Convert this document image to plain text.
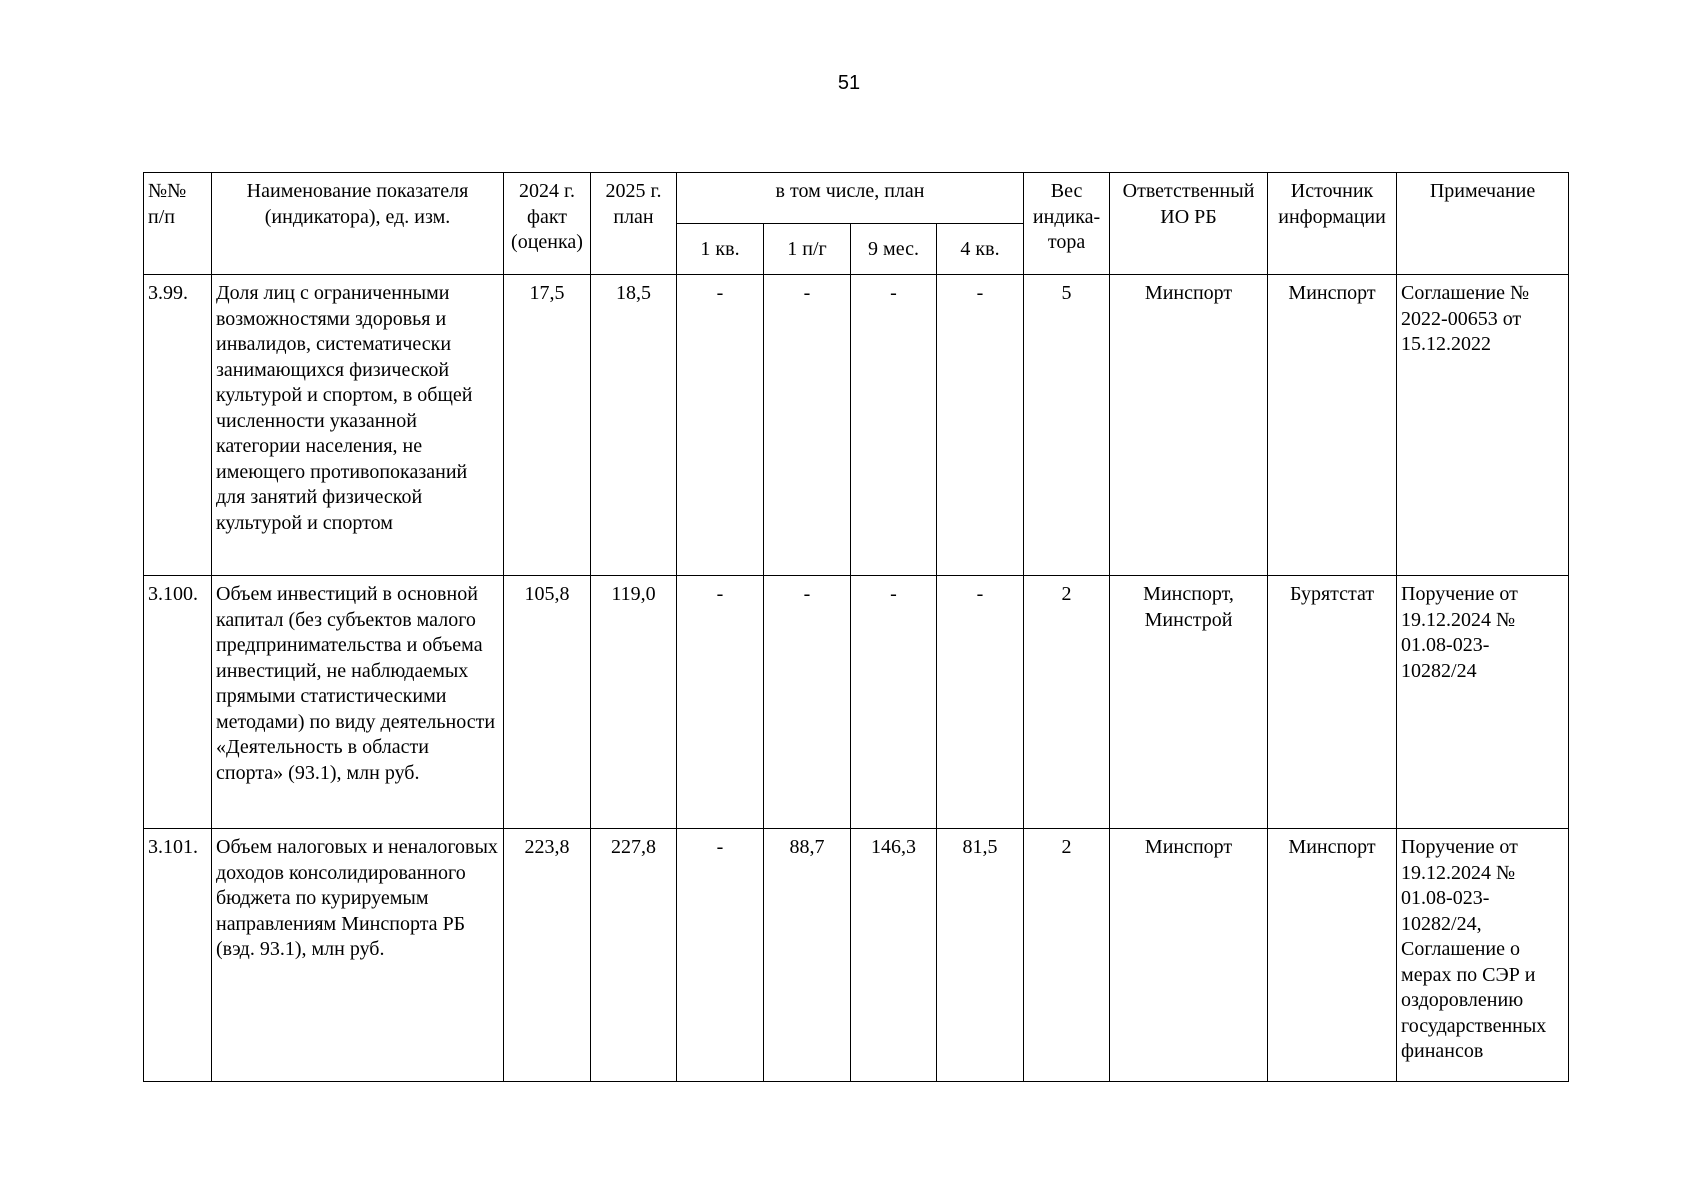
51
№№ п/п	Наименование показателя (индикатора), ед. изм.	2024 г. факт (оценка)	2025 г. план	в том числе, план				Вес индика-тора	Ответственный ИО РБ	Источник информации	Примечание
				1 кв.	1 п/г	9 мес.	4 кв.				
3.99.	Доля лиц с ограниченными возможностями здоровья и инвалидов, систематически занимающихся физической культурой и спортом, в общей численности указанной категории населения, не имеющего противопоказаний для занятий физической культурой и спортом	17,5	18,5	-	-	-	-	5	Минспорт	Минспорт	Соглашение № 2022-00653 от 15.12.2022
3.100.	Объем инвестиций в основной капитал (без субъектов малого предпринимательства и объема инвестиций, не наблюдаемых прямыми статистическими методами) по виду деятельности «Деятельность в области спорта» (93.1), млн руб.	105,8	119,0	-	-	-	-	2	Минспорт, Минстрой	Бурятстат	Поручение от 19.12.2024 № 01.08-023-10282/24
3.101.	Объем налоговых и неналоговых доходов консолидированного бюджета по курируемым направлениям Минспорта РБ (вэд. 93.1), млн руб.	223,8	227,8	-	88,7	146,3	81,5	2	Минспорт	Минспорт	Поручение от 19.12.2024 № 01.08-023-10282/24, Соглашение о мерах по СЭР и оздоровлению государственных финансов
